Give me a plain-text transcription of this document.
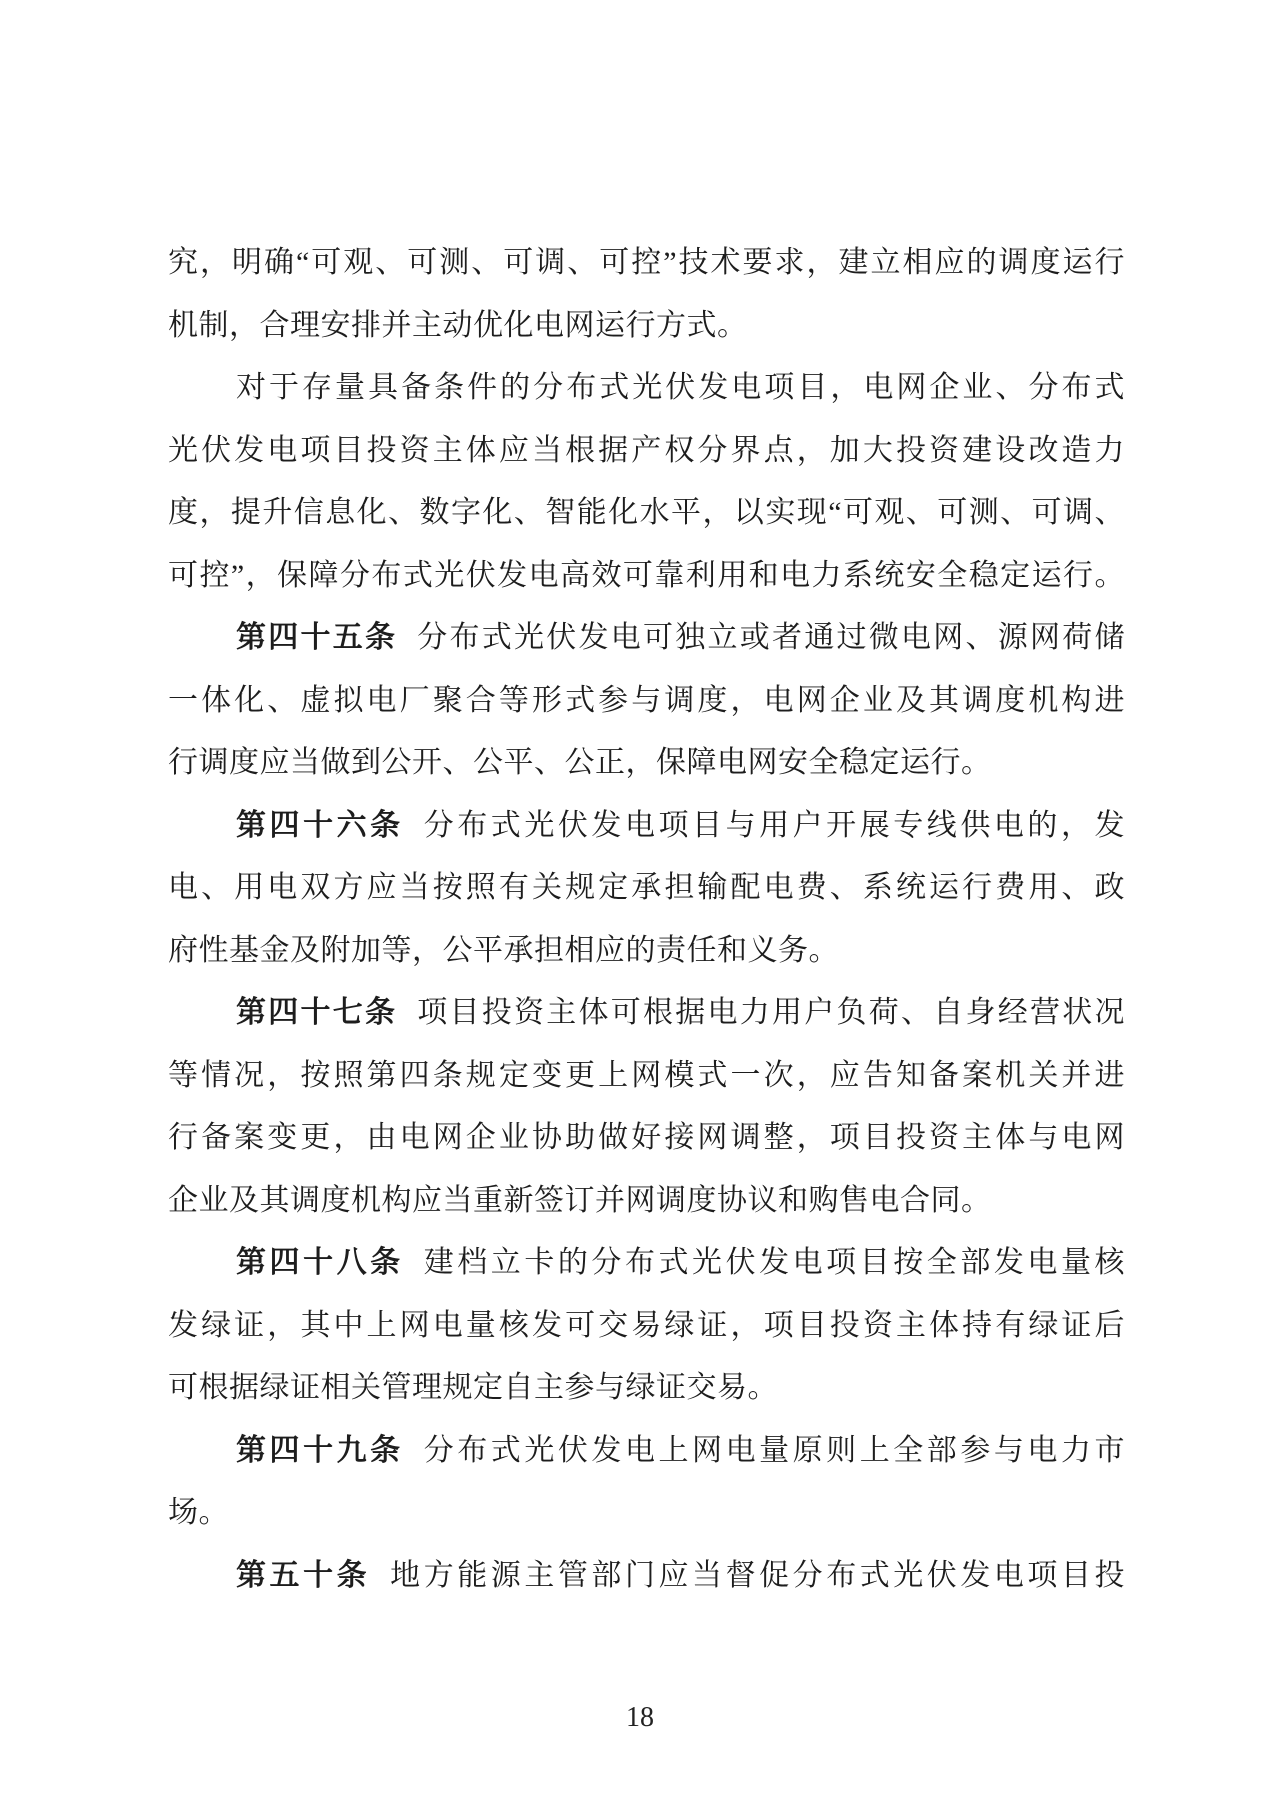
究，明确“可观、可测、可调、可控”技术要求，建立相应的调度运行
机制，合理安排并主动优化电网运行方式。
对于存量具备条件的分布式光伏发电项目，电网企业、分布式
光伏发电项目投资主体应当根据产权分界点，加大投资建设改造力
度，提升信息化、数字化、智能化水平，以实现“可观、可测、可调、
可控”，保障分布式光伏发电高效可靠利用和电力系统安全稳定运行。
第四十五条 分布式光伏发电可独立或者通过微电网、源网荷储
一体化、虚拟电厂聚合等形式参与调度，电网企业及其调度机构进
行调度应当做到公开、公平、公正，保障电网安全稳定运行。
第四十六条 分布式光伏发电项目与用户开展专线供电的，发
电、用电双方应当按照有关规定承担输配电费、系统运行费用、政
府性基金及附加等，公平承担相应的责任和义务。
第四十七条 项目投资主体可根据电力用户负荷、自身经营状况
等情况，按照第四条规定变更上网模式一次，应告知备案机关并进
行备案变更，由电网企业协助做好接网调整，项目投资主体与电网
企业及其调度机构应当重新签订并网调度协议和购售电合同。
第四十八条 建档立卡的分布式光伏发电项目按全部发电量核
发绿证，其中上网电量核发可交易绿证，项目投资主体持有绿证后
可根据绿证相关管理规定自主参与绿证交易。
第四十九条 分布式光伏发电上网电量原则上全部参与电力市
场。
第五十条 地方能源主管部门应当督促分布式光伏发电项目投
18
